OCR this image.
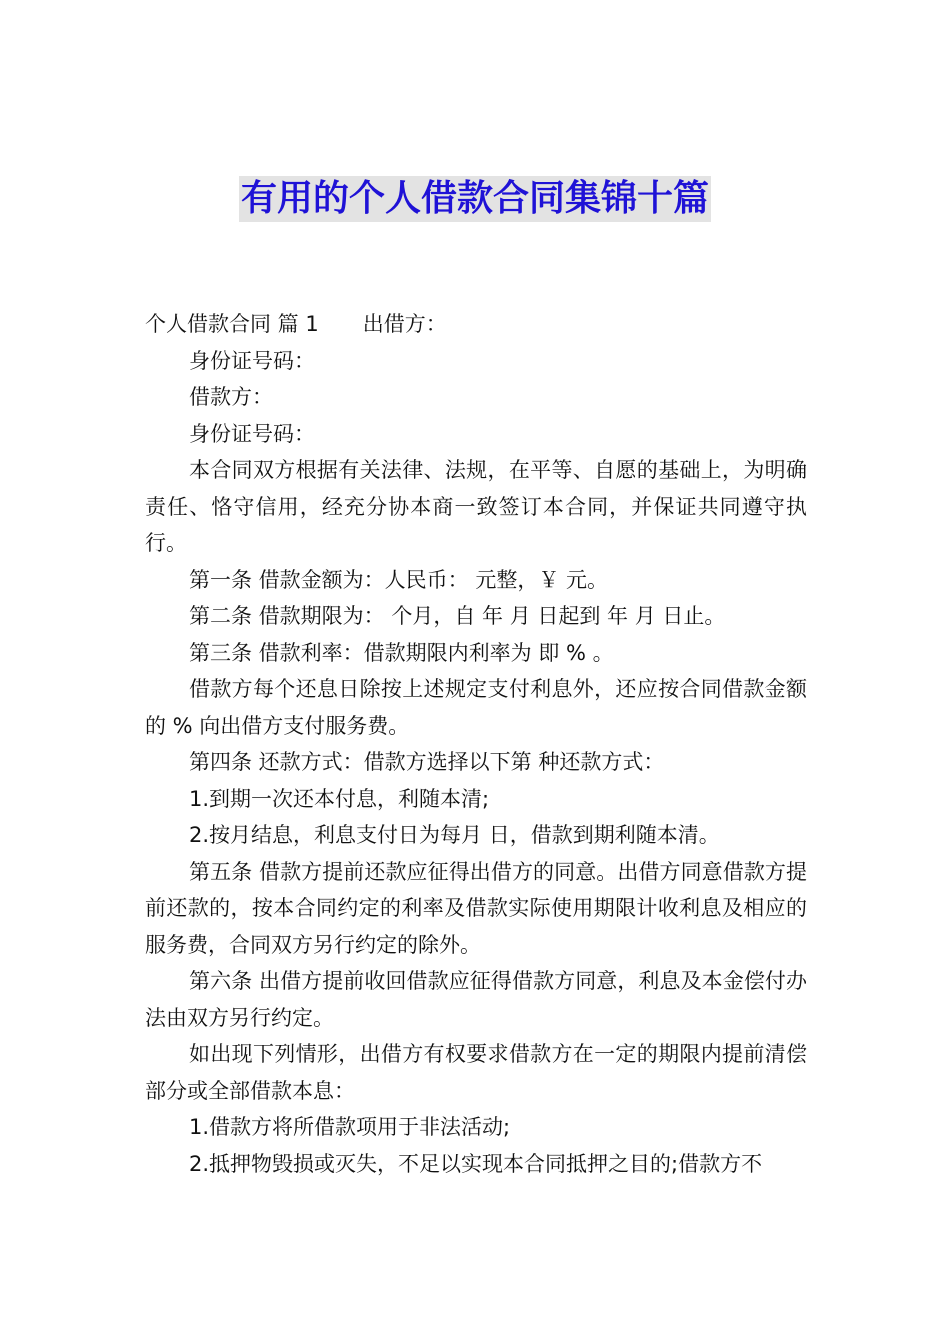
有用的个人借款合同集锦十篇

个人借款合同 篇 1 出借方：

身份证号码：

借款方：

身份证号码：

本合同双方根据有关法律、法规，在平等、自愿的基础上，为明确责任、恪守信用，经充分协本商一致签订本合同，并保证共同遵守执行。

第一条 借款金额为：人民币： 元整，￥ 元。

第二条 借款期限为： 个月，自 年 月 日起到 年 月 日止。

第三条 借款利率：借款期限内利率为 即 % 。

借款方每个还息日除按上述规定支付利息外，还应按合同借款金额的 % 向出借方支付服务费。

第四条 还款方式：借款方选择以下第 种还款方式：

1.到期一次还本付息，利随本清;

2.按月结息，利息支付日为每月 日，借款到期利随本清。

第五条 借款方提前还款应征得出借方的同意。出借方同意借款方提前还款的，按本合同约定的利率及借款实际使用期限计收利息及相应的服务费，合同双方另行约定的除外。

第六条 出借方提前收回借款应征得借款方同意，利息及本金偿付办法由双方另行约定。

如出现下列情形，出借方有权要求借款方在一定的期限内提前清偿部分或全部借款本息：

1.借款方将所借款项用于非法活动;

2.抵押物毁损或灭失，不足以实现本合同抵押之目的;借款方不
